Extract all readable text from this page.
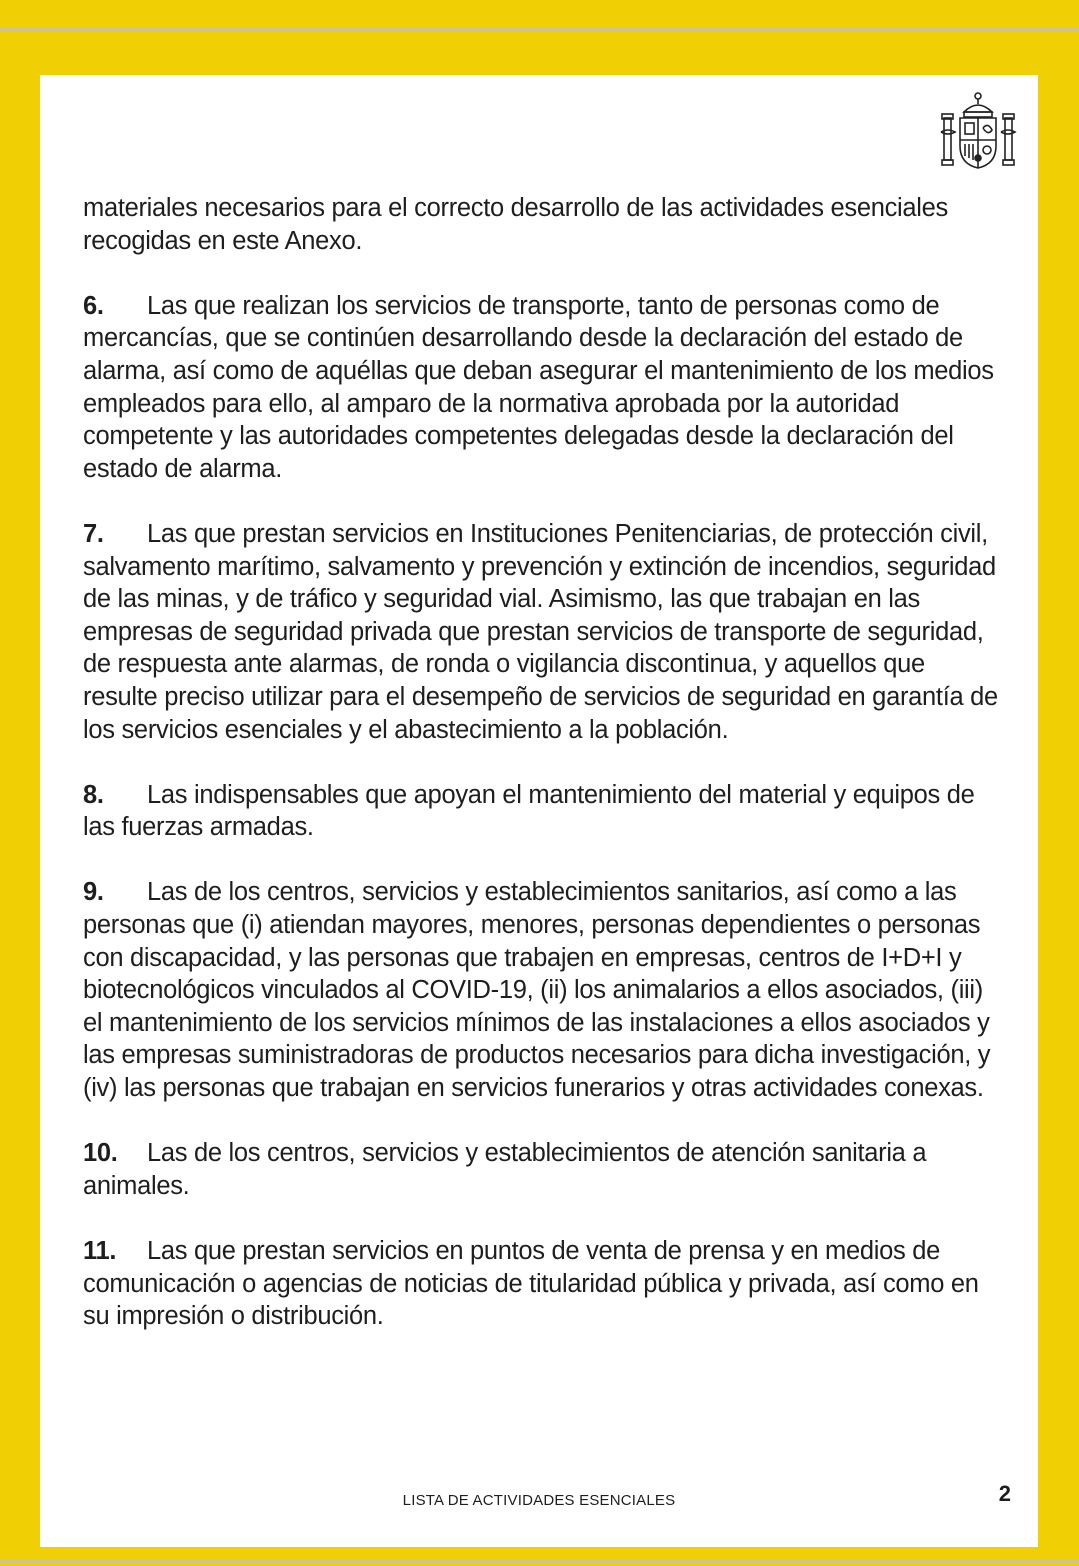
materiales necesarios para el correcto desarrollo de las actividades esenciales recogidas en este Anexo.

6. Las que realizan los servicios de transporte, tanto de personas como de mercancías, que se continúen desarrollando desde la declaración del estado de alarma, así como de aquéllas que deban asegurar el mantenimiento de los medios empleados para ello, al amparo de la normativa aprobada por la autoridad competente y las autoridades competentes delegadas desde la declaración del estado de alarma.

7. Las que prestan servicios en Instituciones Penitenciarias, de protección civil, salvamento marítimo, salvamento y prevención y extinción de incendios, seguridad de las minas, y de tráfico y seguridad vial. Asimismo, las que trabajan en las empresas de seguridad privada que prestan servicios de transporte de seguridad, de respuesta ante alarmas, de ronda o vigilancia discontinua, y aquellos que resulte preciso utilizar para el desempeño de servicios de seguridad en garantía de los servicios esenciales y el abastecimiento a la población.

8. Las indispensables que apoyan el mantenimiento del material y equipos de las fuerzas armadas.

9. Las de los centros, servicios y establecimientos sanitarios, así como a las personas que (i) atiendan mayores, menores, personas dependientes o personas con discapacidad, y las personas que trabajen en empresas, centros de I+D+I y biotecnológicos vinculados al COVID-19, (ii) los animalarios a ellos asociados, (iii) el mantenimiento de los servicios mínimos de las instalaciones a ellos asociados y las empresas suministradoras de productos necesarios para dicha investigación, y (iv) las personas que trabajan en servicios funerarios y otras actividades conexas.

10. Las de los centros, servicios y establecimientos de atención sanitaria a animales.

11. Las que prestan servicios en puntos de venta de prensa y en medios de comunicación o agencias de noticias de titularidad pública y privada, así como en su impresión o distribución.

LISTA DE ACTIVIDADES ESENCIALES	2
